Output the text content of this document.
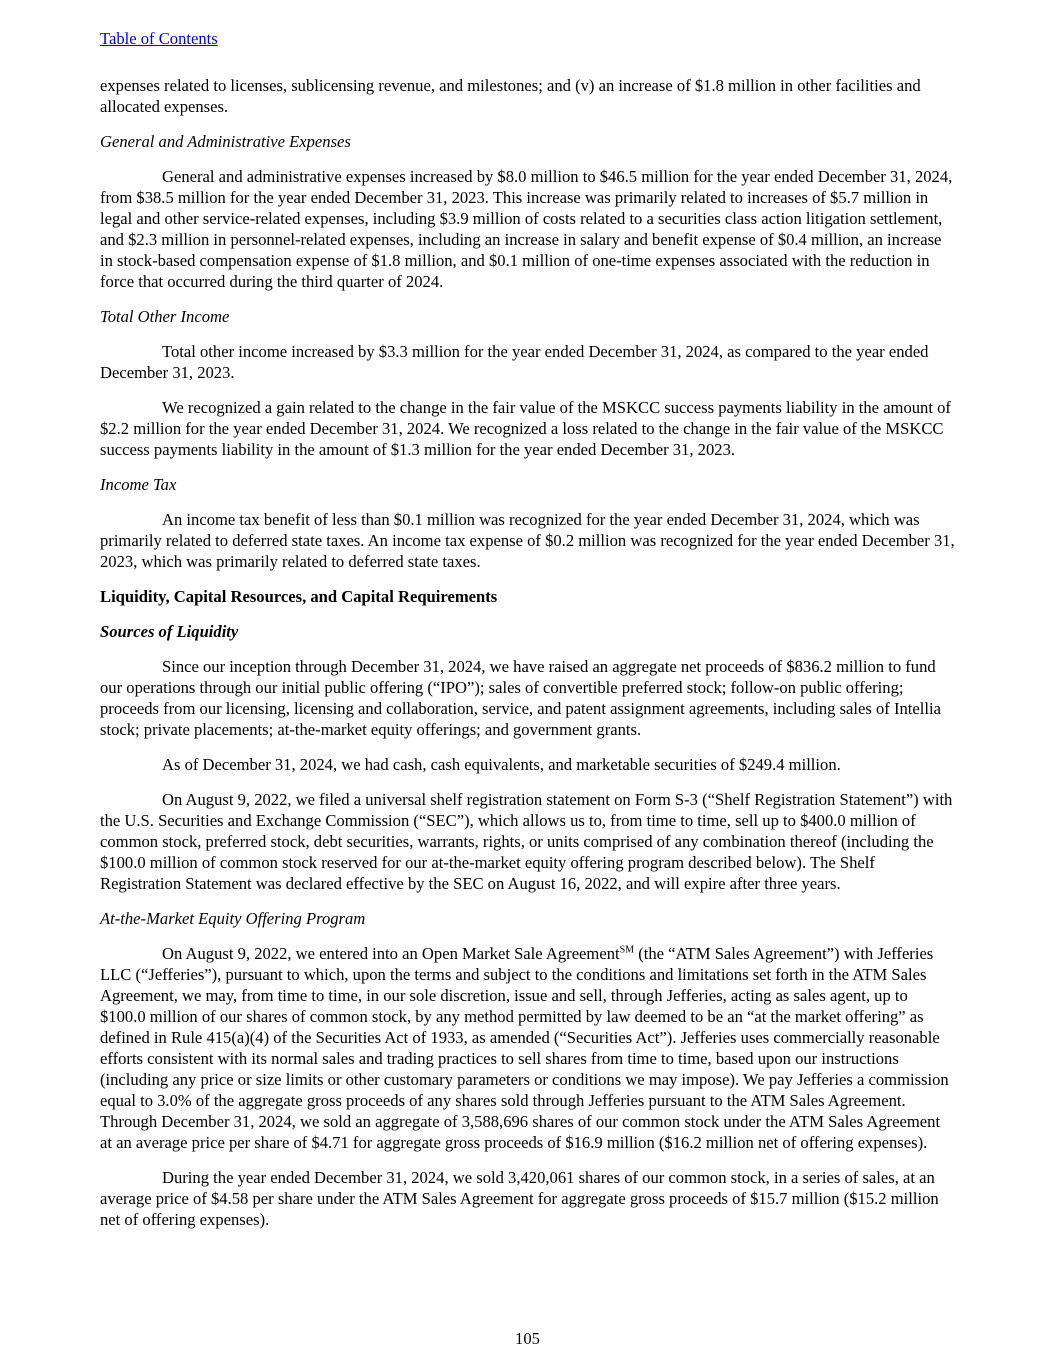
Table of Contents

expenses related to licenses, sublicensing revenue, and milestones; and (v) an increase of $1.8 million in other facilities and allocated expenses.

General and Administrative Expenses

General and administrative expenses increased by $8.0 million to $46.5 million for the year ended December 31, 2024, from $38.5 million for the year ended December 31, 2023. This increase was primarily related to increases of $5.7 million in legal and other service-related expenses, including $3.9 million of costs related to a securities class action litigation settlement, and $2.3 million in personnel-related expenses, including an increase in salary and benefit expense of $0.4 million, an increase in stock-based compensation expense of $1.8 million, and $0.1 million of one-time expenses associated with the reduction in force that occurred during the third quarter of 2024.

Total Other Income

Total other income increased by $3.3 million for the year ended December 31, 2024, as compared to the year ended December 31, 2023.

We recognized a gain related to the change in the fair value of the MSKCC success payments liability in the amount of $2.2 million for the year ended December 31, 2024. We recognized a loss related to the change in the fair value of the MSKCC success payments liability in the amount of $1.3 million for the year ended December 31, 2023.

Income Tax

An income tax benefit of less than $0.1 million was recognized for the year ended December 31, 2024, which was primarily related to deferred state taxes. An income tax expense of $0.2 million was recognized for the year ended December 31, 2023, which was primarily related to deferred state taxes.

Liquidity, Capital Resources, and Capital Requirements
Sources of Liquidity

Since our inception through December 31, 2024, we have raised an aggregate net proceeds of $836.2 million to fund our operations through our initial public offering (“IPO”); sales of convertible preferred stock; follow-on public offering; proceeds from our licensing, licensing and collaboration, service, and patent assignment agreements, including sales of Intellia stock; private placements; at-the-market equity offerings; and government grants.

As of December 31, 2024, we had cash, cash equivalents, and marketable securities of $249.4 million.

On August 9, 2022, we filed a universal shelf registration statement on Form S-3 (“Shelf Registration Statement”) with the U.S. Securities and Exchange Commission (“SEC”), which allows us to, from time to time, sell up to $400.0 million of common stock, preferred stock, debt securities, warrants, rights, or units comprised of any combination thereof (including the $100.0 million of common stock reserved for our at-the-market equity offering program described below). The Shelf Registration Statement was declared effective by the SEC on August 16, 2022, and will expire after three years.

At-the-Market Equity Offering Program

On August 9, 2022, we entered into an Open Market Sale Agreement℠ (the “ATM Sales Agreement”) with Jefferies LLC (“Jefferies”), pursuant to which, upon the terms and subject to the conditions and limitations set forth in the ATM Sales Agreement, we may, from time to time, in our sole discretion, issue and sell, through Jefferies, acting as sales agent, up to $100.0 million of our shares of common stock, by any method permitted by law deemed to be an “at the market offering” as defined in Rule 415(a)(4) of the Securities Act of 1933, as amended (“Securities Act”). Jefferies uses commercially reasonable efforts consistent with its normal sales and trading practices to sell shares from time to time, based upon our instructions (including any price or size limits or other customary parameters or conditions we may impose). We pay Jefferies a commission equal to 3.0% of the aggregate gross proceeds of any shares sold through Jefferies pursuant to the ATM Sales Agreement. Through December 31, 2024, we sold an aggregate of 3,588,696 shares of our common stock under the ATM Sales Agreement at an average price per share of $4.71 for aggregate gross proceeds of $16.9 million ($16.2 million net of offering expenses).

During the year ended December 31, 2024, we sold 3,420,061 shares of our common stock, in a series of sales, at an average price of $4.58 per share under the ATM Sales Agreement for aggregate gross proceeds of $15.7 million ($15.2 million net of offering expenses).

105
